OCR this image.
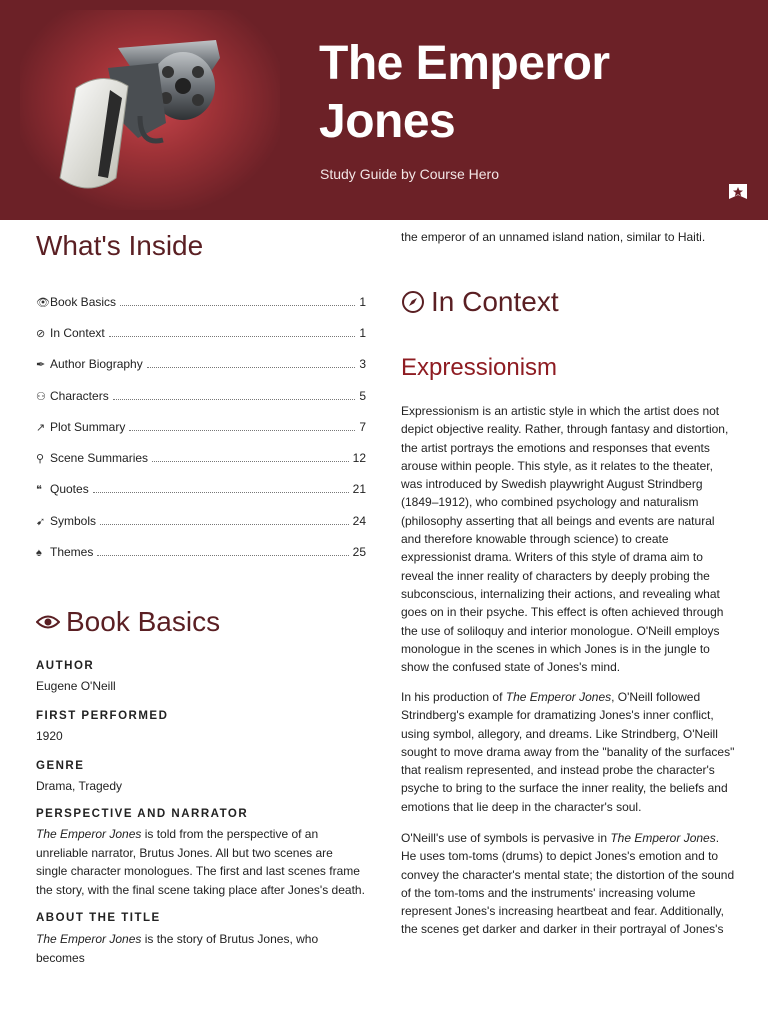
The Emperor
Jones
Study Guide by Course Hero
What's Inside
👁 Book Basics	1
⊘ In Context	1
✒ Author Biography	3
⚇ Characters	5
↗ Plot Summary	7
⚲ Scene Summaries	12
❝ Quotes	21
➹ Symbols	24
♠ Themes	25
Book Basics
AUTHOR
Eugene O'Neill
FIRST PERFORMED
1920
GENRE
Drama, Tragedy
PERSPECTIVE AND NARRATOR
The Emperor Jones is told from the perspective of an unreliable narrator, Brutus Jones. All but two scenes are single character monologues. The first and last scenes frame the story, with the final scene taking place after Jones's death.
ABOUT THE TITLE
The Emperor Jones is the story of Brutus Jones, who becomes
the emperor of an unnamed island nation, similar to Haiti.
In Context
Expressionism
Expressionism is an artistic style in which the artist does not depict objective reality. Rather, through fantasy and distortion, the artist portrays the emotions and responses that events arouse within people. This style, as it relates to the theater, was introduced by Swedish playwright August Strindberg (1849–1912), who combined psychology and naturalism (philosophy asserting that all beings and events are natural and therefore knowable through science) to create expressionist drama. Writers of this style of drama aim to reveal the inner reality of characters by deeply probing the subconscious, internalizing their actions, and revealing what goes on in their psyche. This effect is often achieved through the use of soliloquy and interior monologue. O'Neill employs monologue in the scenes in which Jones is in the jungle to show the confused state of Jones's mind.
In his production of The Emperor Jones, O'Neill followed Strindberg's example for dramatizing Jones's inner conflict, using symbol, allegory, and dreams. Like Strindberg, O'Neill sought to move drama away from the "banality of the surfaces" that realism represented, and instead probe the character's psyche to bring to the surface the inner reality, the beliefs and emotions that lie deep in the character's soul.
O'Neill's use of symbols is pervasive in The Emperor Jones. He uses tom-toms (drums) to depict Jones's emotion and to convey the character's mental state; the distortion of the sound of the tom-toms and the instruments' increasing volume represent Jones's increasing heartbeat and fear. Additionally, the scenes get darker and darker in their portrayal of Jones's
